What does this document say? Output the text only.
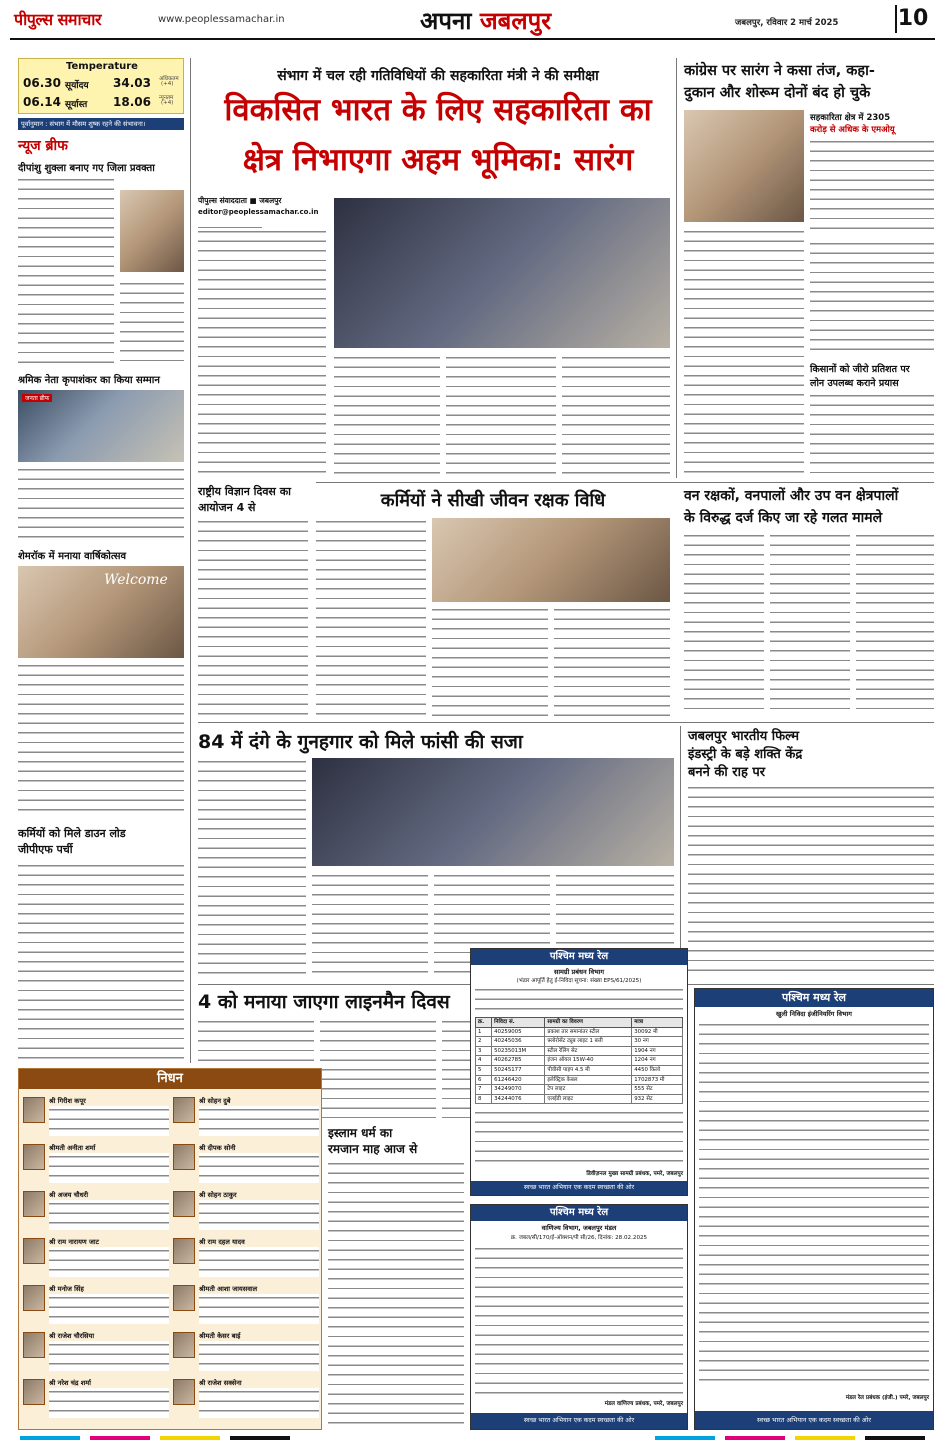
पीपुल्स समाचार	www.peoplessamachar.in	अपना जबलपुर	जबलपुर, रविवार 2 मार्च 2025	10
Temperature
06.30 सूर्योदय 34.03 अधिकतम
(+4)
06.14 सूर्यास्त 18.06 न्यूनतम
(+4)
पूर्वानुमान : संभाग में मौसम शुष्क रहने की संभावना।
न्यूज ब्रीफ
दीपांशु शुक्ला बनाए गए जिला प्रवक्ता
श्रमिक नेता कृपाशंकर का किया सम्मान
जनता ब्रीफ
शेमरॉक में मनाया वार्षिकोत्सव
Welcome
कर्मियों को मिले डाउन लोड
जीपीएफ पर्ची
संभाग में चल रही गतिविधियों की सहकारिता मंत्री ने की समीक्षा
विकसित भारत के लिए सहकारिता का
क्षेत्र निभाएगा अहम भूमिका: सारंग
पीपुल्स संवाददाता ■ जबलपुर
editor@peoplessamachar.co.in
राष्ट्रीय विज्ञान दिवस का
आयोजन 4 से	कर्मियों ने सीखी जीवन रक्षक विधि
कांग्रेस पर सारंग ने कसा तंज, कहा-
दुकान और शोरूम दोनों बंद हो चुके
सहकारिता क्षेत्र में 2305
करोड़ से अधिक के एमओयू
किसानों को जीरो प्रतिशत पर
लोन उपलब्ध कराने प्रयास
वन रक्षकों, वनपालों और उप वन क्षेत्रपालों
के विरुद्ध दर्ज किए जा रहे गलत मामले
84 में दंगे के गुनहगार को मिले फांसी की सजा	जबलपुर भारतीय फिल्म
इंडस्ट्री के बड़े शक्ति केंद्र
बनने की राह पर
4 को मनाया जाएगा लाइनमैन दिवस
इस्लाम धर्म का
रमजान माह आज से
निधन
श्री गिरीश कपूर
श्रीमती अनीता शर्मा
श्री अजय चौधरी
श्री राम नारायण जाट
श्री मनोज सिंह
श्री राजेश चौरसिया
श्री नरेश चंद्र शर्मा
श्री सोहन दुबे
श्री दीपक सोनी
श्री सोहन ठाकुर
श्री राम दहल यादव
श्रीमती आशा जायसवाल
श्रीमती केसर बाई
श्री राजेश सक्सेना
पश्चिम मध्य रेल
सामग्री प्रबंधन विभाग
(भंडार आपूर्ति हेतु ई-निविदा सूचना: संख्या EPS/61/2025)
क्र.	निविदा सं.	सामग्री का विवरण	मात्रा
1	40259005	प्रकाश तार समानांतर स्टील	30092 मी
2	40245036	फ़्लोरोसेंट ट्यूब लाइट 1 बत्ती	30 नग
3	50235013M	स्टील रेलिंग सेट	1904 नग
4	40262785	इंजन ऑयल 15W-40	1204 नग
5	50245177	पीवीसी पाइप 4.5 मी	4450 किलो
6	61246420	इलेक्ट्रिक केबल	1702873 मी
7	34249070	टेप लाइट	555 सेट
8	34244076	एलईडी लाइट	932 सेट
डिवीज़नल मुख्य सामग्री प्रबंधक, पमरे, जबलपुर
स्वच्छ भारत अभियान एक कदम स्वच्छता की ओर
पश्चिम मध्य रेल
वाणिज्य विभाग, जबलपुर मंडल
क्र. जबल/सी/170/ई-ऑक्शन/पी सी/26, दिनांक: 28.02.2025
मंडल वाणिज्य प्रबंधक, पमरे, जबलपुर
स्वच्छ भारत अभियान एक कदम स्वच्छता की ओर
पश्चिम मध्य रेल
खुली निविदा इंजीनियरिंग विभाग
मंडल रेल प्रबंधक (इंजी.) पमरे, जबलपुर
स्वच्छ भारत अभियान एक कदम स्वच्छता की ओर
